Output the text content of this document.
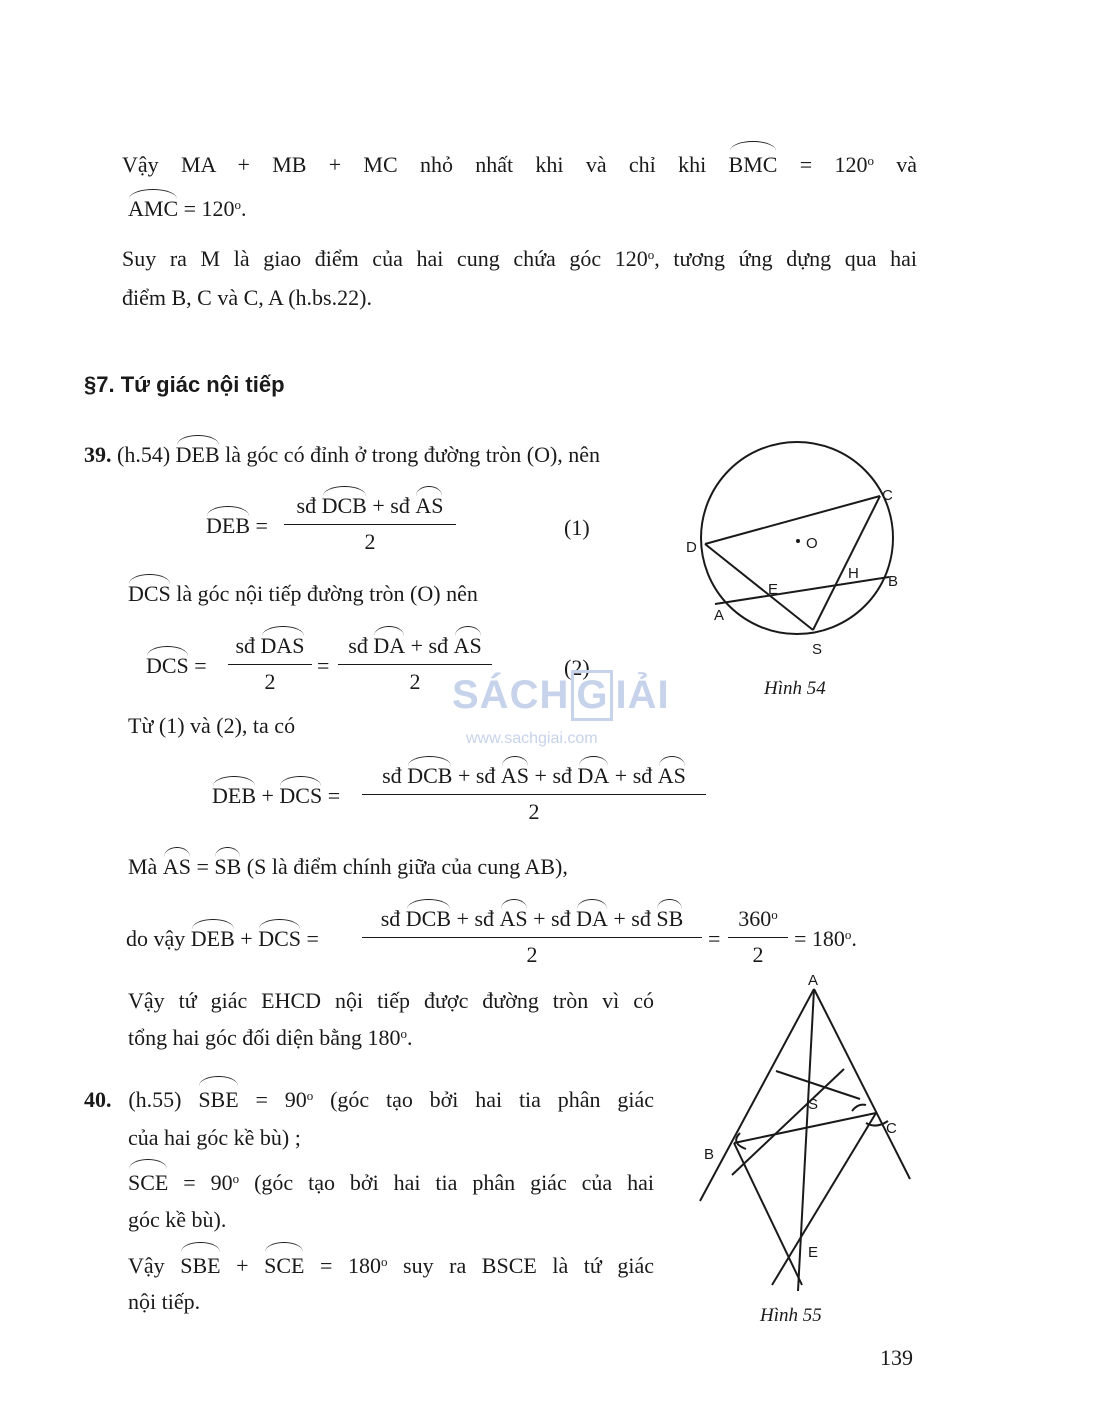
Vậy MA + MB + MC nhỏ nhất khi và chỉ khi BMC = $120^o$ và
AMC = $120^o$.
Suy ra M là giao điểm của hai cung chứa góc 120$^o$, tương ứng dựng qua hai
điểm B, C và C, A (h.bs.22).
§7. Tứ giác nội tiếp
39. (h.54) DEB là góc có đỉnh ở trong đường tròn (O), nên
DEB =
sđ DCB + sđ AS
2
(1)
DCS là góc nội tiếp đường tròn (O) nên
DCS =
sđ DAS
2
=
sđ DA + sđ AS
2
(2)
SÁCH G IẢI
www.sachgiai.com
Từ (1) và (2), ta có
DEB + DCS =
sđ DCB + sđ AS + sđ DA + sđ AS
2
Mà AS = SB (S là điểm chính giữa của cung AB),
do vậy DEB + DCS =
sđ DCB + sđ AS + sđ DA + sđ SB
2
=
$360^o$
2
= $180^o$.
Vậy tứ giác EHCD nội tiếp được đường tròn vì có
tổng hai góc đối diện bằng 180$^o$.
40. (h.55) SBE = $90^o$ (góc tạo bởi hai tia phân giác
của hai góc kề bù) ;
SCE = $90^o$ (góc tạo bởi hai tia phân giác của hai
góc kề bù).
Vậy SBE + SCE = $180^o$ suy ra BSCE là tứ giác
nội tiếp.
C
D	O
E
H B
A
S
Hình 54
A
S
B
C
E
Hình 55
139
